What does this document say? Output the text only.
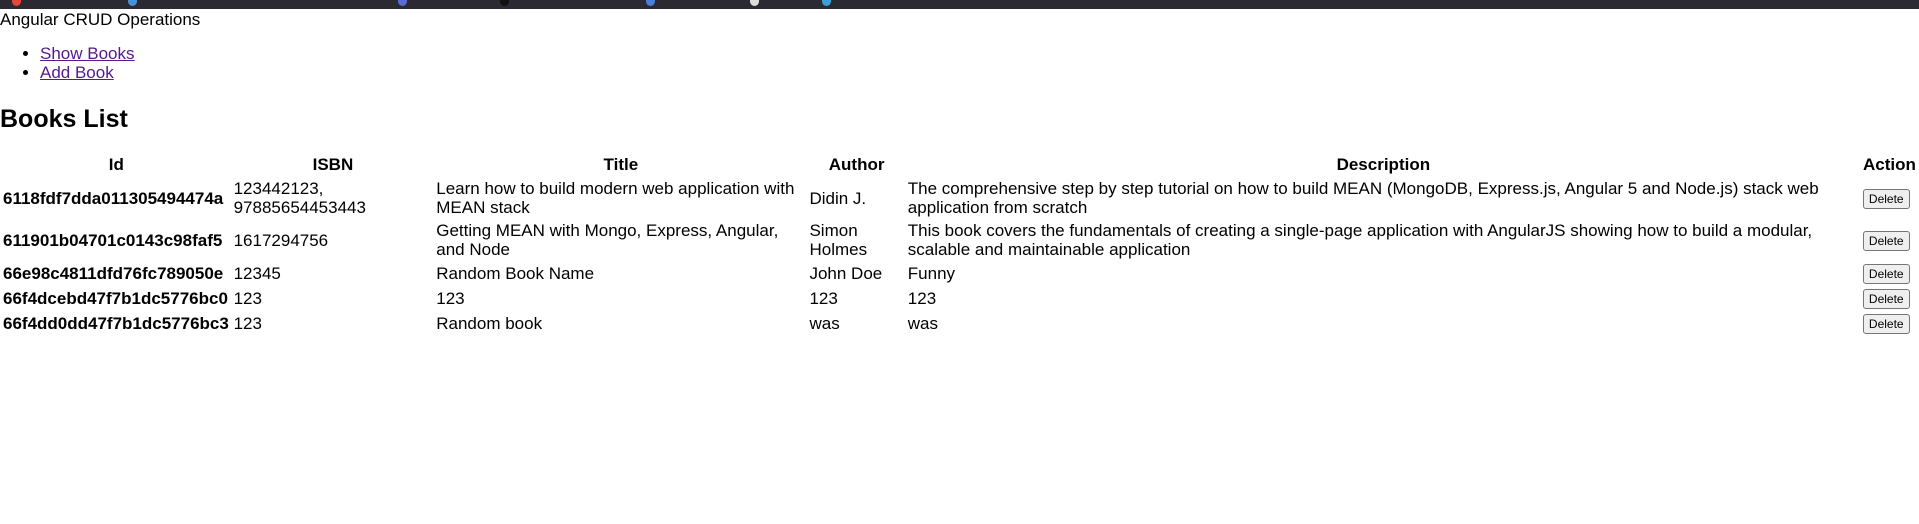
Angular CRUD Operations
• Show Books
• Add Book
Books List
Id	ISBN	Title	Author	Description	Action
6118fdf7dda011305494474a	123442123, 97885654453443	Learn how to build modern web application with MEAN stack	Didin J.	The comprehensive step by step tutorial on how to build MEAN (MongoDB, Express.js, Angular 5 and Node.js) stack web application from scratch	Delete
611901b04701c0143c98faf5	1617294756	Getting MEAN with Mongo, Express, Angular, and Node	Simon Holmes	This book covers the fundamentals of creating a single-page application with AngularJS showing how to build a modular, scalable and maintainable application	Delete
66e98c4811dfd76fc789050e	12345	Random Book Name	John Doe	Funny	Delete
66f4dcebd47f7b1dc5776bc0	123	123	123	123	Delete
66f4dd0dd47f7b1dc5776bc3	123	Random book	was	was	Delete
